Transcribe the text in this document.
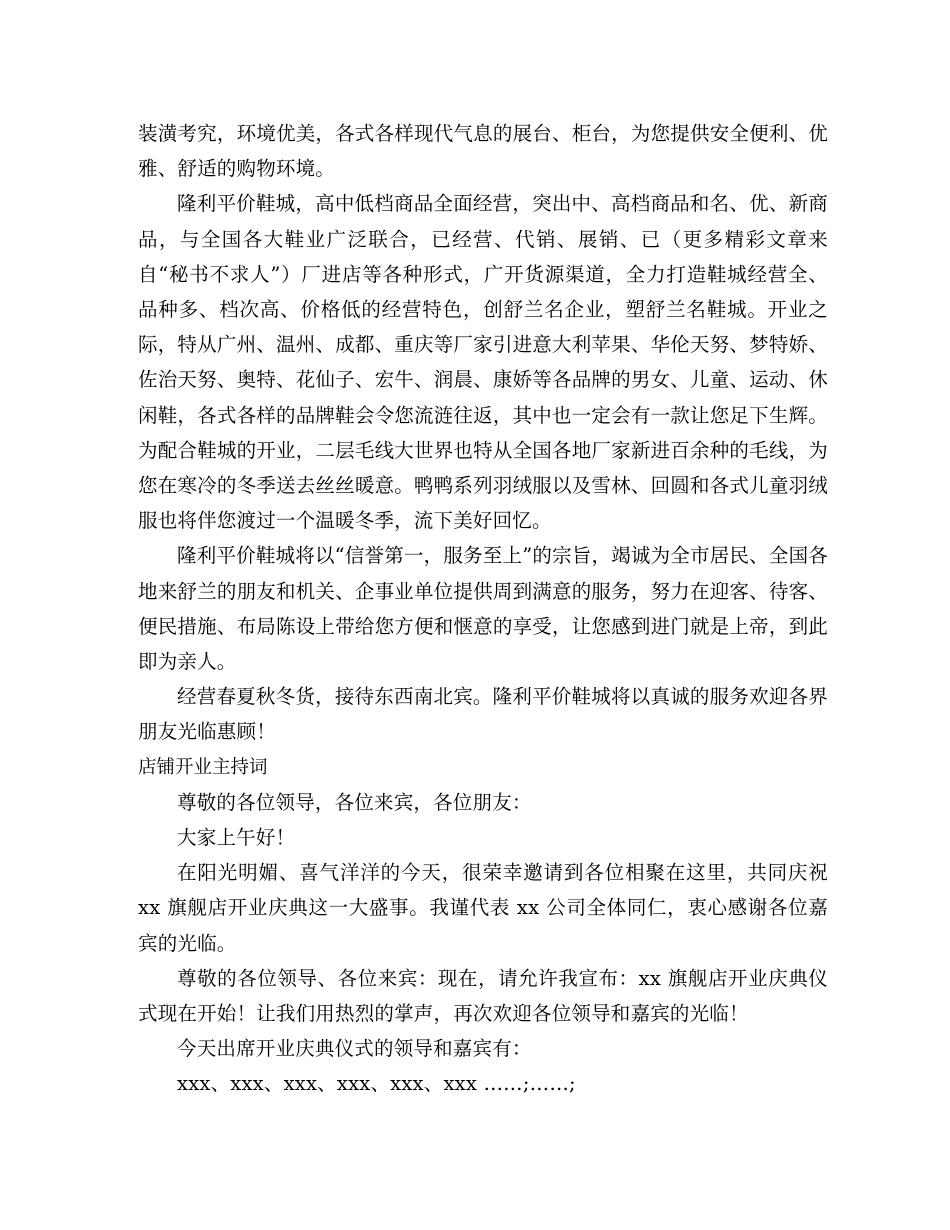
装潢考究，环境优美，各式各样现代气息的展台、柜台，为您提供安全便利、优雅、舒适的购物环境。

隆利平价鞋城，高中低档商品全面经营，突出中、高档商品和名、优、新商品，与全国各大鞋业广泛联合，已经营、代销、展销、已（更多精彩文章来自“秘书不求人”）厂进店等各种形式，广开货源渠道，全力打造鞋城经营全、品种多、档次高、价格低的经营特色，创舒兰名企业，塑舒兰名鞋城。开业之际，特从广州、温州、成都、重庆等厂家引进意大利苹果、华伦天努、梦特娇、佐治天努、奥特、花仙子、宏牛、润晨、康娇等各品牌的男女、儿童、运动、休闲鞋，各式各样的品牌鞋会令您流涟往返，其中也一定会有一款让您足下生辉。为配合鞋城的开业，二层毛线大世界也特从全国各地厂家新进百余种的毛线，为您在寒冷的冬季送去丝丝暖意。鸭鸭系列羽绒服以及雪林、回圆和各式儿童羽绒服也将伴您渡过一个温暖冬季，流下美好回忆。

隆利平价鞋城将以“信誉第一，服务至上”的宗旨，竭诚为全市居民、全国各地来舒兰的朋友和机关、企事业单位提供周到满意的服务，努力在迎客、待客、便民措施、布局陈设上带给您方便和惬意的享受，让您感到进门就是上帝，到此即为亲人。

经营春夏秋冬货，接待东西南北宾。隆利平价鞋城将以真诚的服务欢迎各界朋友光临惠顾！

店铺开业主持词

尊敬的各位领导，各位来宾，各位朋友：

大家上午好！

在阳光明媚、喜气洋洋的今天，很荣幸邀请到各位相聚在这里，共同庆祝 xx 旗舰店开业庆典这一大盛事。我谨代表 xx 公司全体同仁，衷心感谢各位嘉宾的光临。

尊敬的各位领导、各位来宾：现在，请允许我宣布：xx 旗舰店开业庆典仪式现在开始！让我们用热烈的掌声，再次欢迎各位领导和嘉宾的光临！

今天出席开业庆典仪式的领导和嘉宾有：

xxx、xxx、xxx、xxx、xxx、xxx ……;……;
